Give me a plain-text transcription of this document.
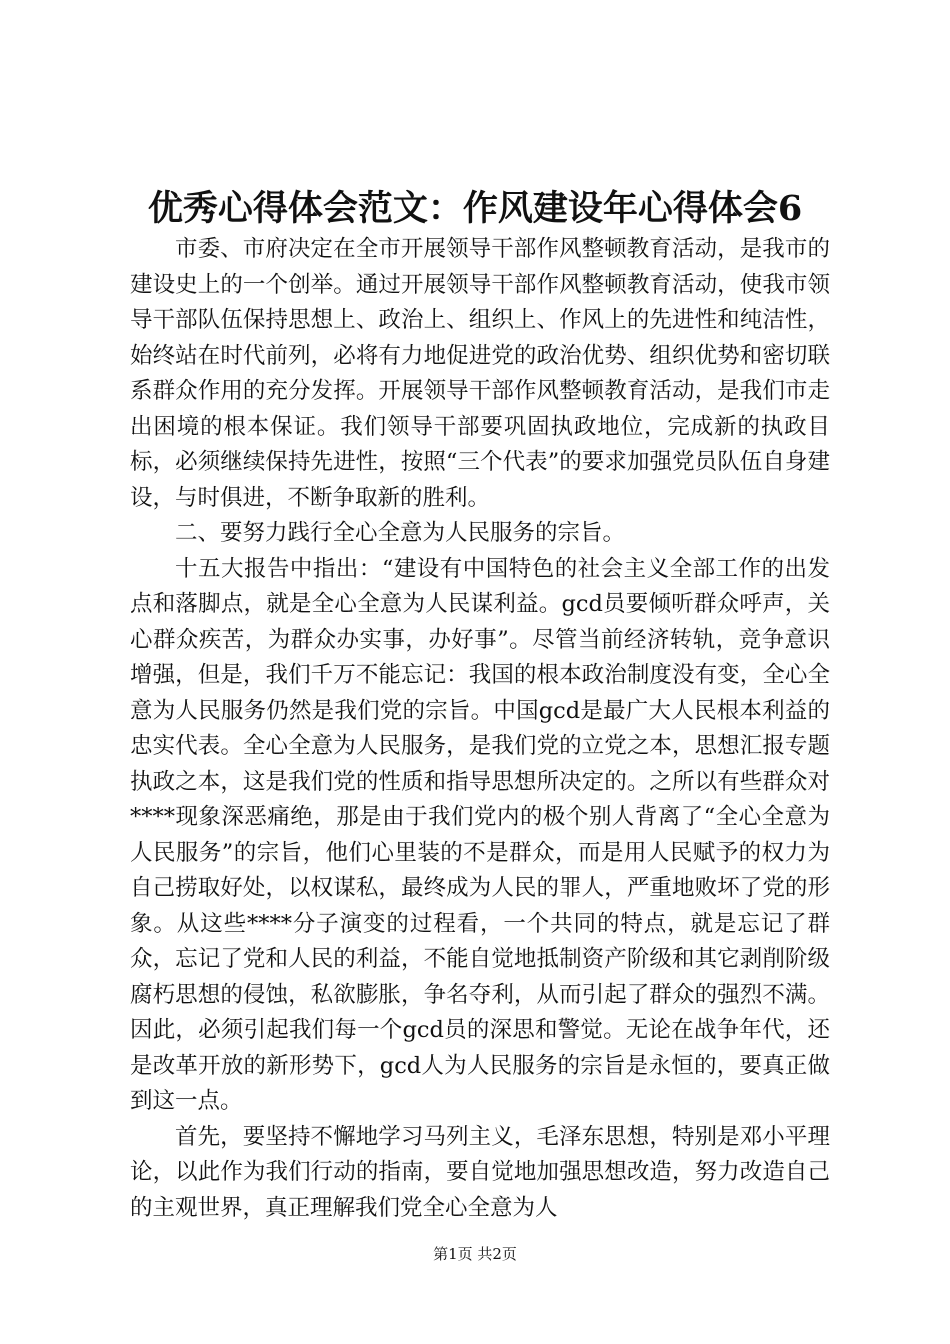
优秀心得体会范文：作风建设年心得体会6

市委、市府决定在全市开展领导干部作风整顿教育活动，是我市的建设史上的一个创举。通过开展领导干部作风整顿教育活动，使我市领导干部队伍保持思想上、政治上、组织上、作风上的先进性和纯洁性，始终站在时代前列，必将有力地促进党的政治优势、组织优势和密切联系群众作用的充分发挥。开展领导干部作风整顿教育活动，是我们市走出困境的根本保证。我们领导干部要巩固执政地位，完成新的执政目标，必须继续保持先进性，按照“三个代表”的要求加强党员队伍自身建设，与时俱进，不断争取新的胜利。

二、要努力践行全心全意为人民服务的宗旨。

十五大报告中指出：“建设有中国特色的社会主义全部工作的出发点和落脚点，就是全心全意为人民谋利益。gcd员要倾听群众呼声，关心群众疾苦，为群众办实事，办好事”。尽管当前经济转轨，竞争意识增强，但是，我们千万不能忘记：我国的根本政治制度没有变，全心全意为人民服务仍然是我们党的宗旨。中国gcd是最广大人民根本利益的忠实代表。全心全意为人民服务，是我们党的立党之本，思想汇报专题执政之本，这是我们党的性质和指导思想所决定的。之所以有些群众对****现象深恶痛绝，那是由于我们党内的极个别人背离了“全心全意为人民服务”的宗旨，他们心里装的不是群众，而是用人民赋予的权力为自己捞取好处，以权谋私，最终成为人民的罪人，严重地败坏了党的形象。从这些****分子演变的过程看，一个共同的特点，就是忘记了群众，忘记了党和人民的利益，不能自觉地抵制资产阶级和其它剥削阶级腐朽思想的侵蚀，私欲膨胀，争名夺利，从而引起了群众的强烈不满。因此，必须引起我们每一个gcd员的深思和警觉。无论在战争年代，还是改革开放的新形势下，gcd人为人民服务的宗旨是永恒的，要真正做到这一点。

首先，要坚持不懈地学习马列主义，毛泽东思想，特别是邓小平理论，以此作为我们行动的指南，要自觉地加强思想改造，努力改造自己的主观世界，真正理解我们党全心全意为人

第1页 共2页
